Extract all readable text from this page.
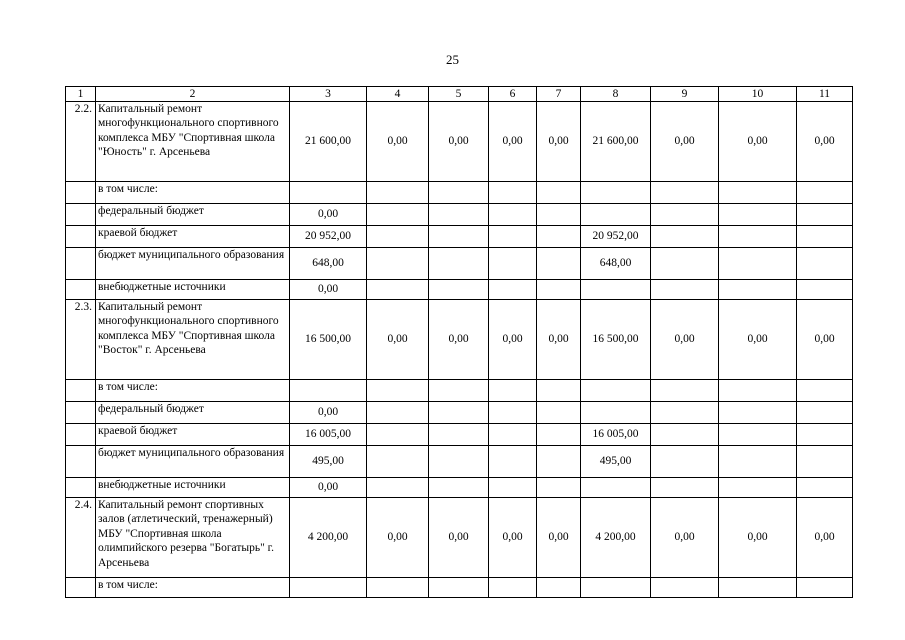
25
1	2	3	4	5	6	7	8	9	10	11
2.2.	Капитальный ремонт многофункционального спортивного комплекса МБУ "Спортивная школа "Юность" г. Арсеньева	21 600,00	0,00	0,00	0,00	0,00	21 600,00	0,00	0,00	0,00
	в том числе:									
	федеральный бюджет	0,00								
	краевой бюджет	20 952,00					20 952,00			
	бюджет муниципального образования	648,00					648,00			
	внебюджетные источники	0,00								
2.3.	Капитальный ремонт многофункционального спортивного комплекса МБУ "Спортивная школа "Восток" г. Арсеньева	16 500,00	0,00	0,00	0,00	0,00	16 500,00	0,00	0,00	0,00
	в том числе:									
	федеральный бюджет	0,00								
	краевой бюджет	16 005,00					16 005,00			
	бюджет муниципального образования	495,00					495,00			
	внебюджетные источники	0,00								
2.4.	Капитальный ремонт спортивных залов (атлетический, тренажерный) МБУ "Спортивная школа олимпийского резерва "Богатырь" г. Арсеньева	4 200,00	0,00	0,00	0,00	0,00	4 200,00	0,00	0,00	0,00
	в том числе:									
